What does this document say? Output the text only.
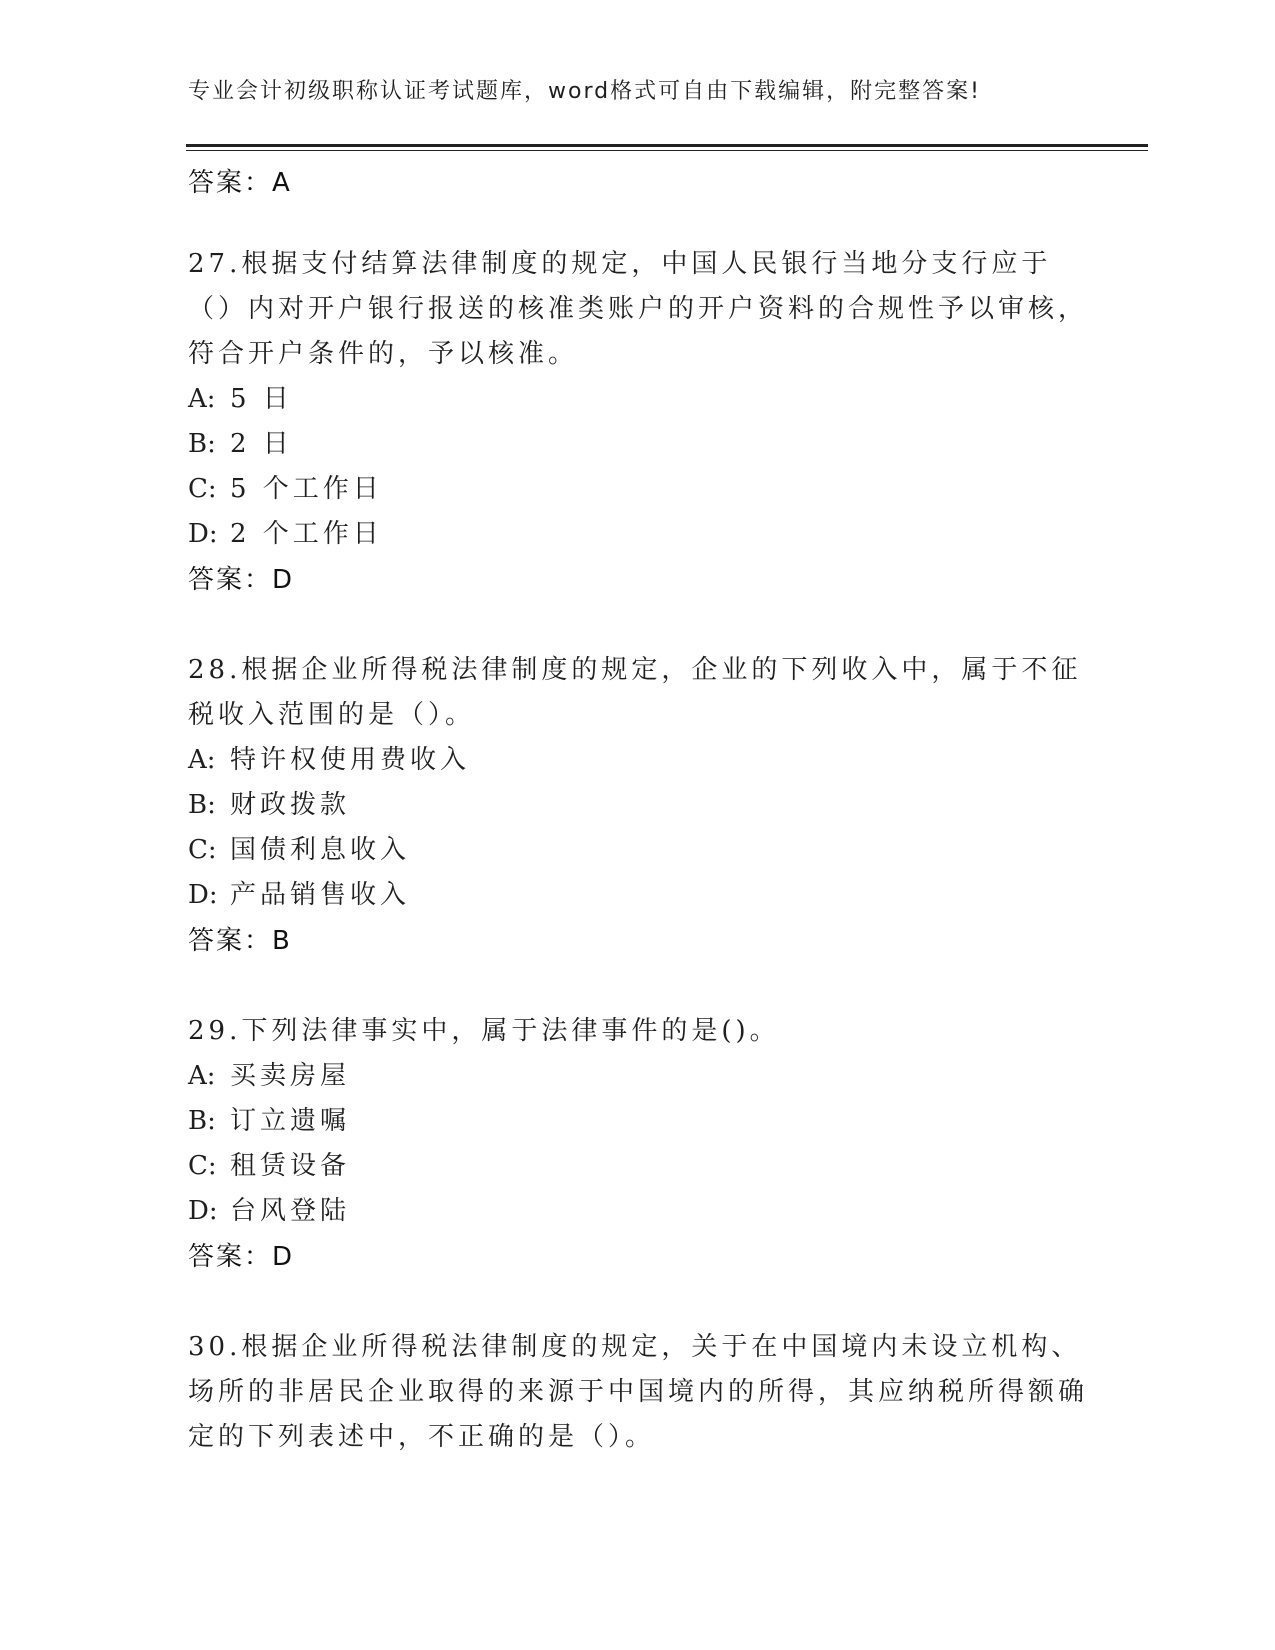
专业会计初级职称认证考试题库，word格式可自由下载编辑，附完整答案!
答案：A

27.根据支付结算法律制度的规定，中国人民银行当地分支行应于（）内对开户银行报送的核准类账户的开户资料的合规性予以审核，符合开户条件的，予以核准。

A: 5 日
B: 2 日
C: 5 个工作日
D: 2 个工作日
答案：D

28.根据企业所得税法律制度的规定，企业的下列收入中，属于不征税收入范围的是（）。

A: 特许权使用费收入
B: 财政拨款
C: 国债利息收入
D: 产品销售收入
答案：B

29.下列法律事实中，属于法律事件的是()。

A: 买卖房屋
B: 订立遗嘱
C: 租赁设备
D: 台风登陆
答案：D

30.根据企业所得税法律制度的规定，关于在中国境内未设立机构、场所的非居民企业取得的来源于中国境内的所得，其应纳税所得额确定的下列表述中，不正确的是（）。
